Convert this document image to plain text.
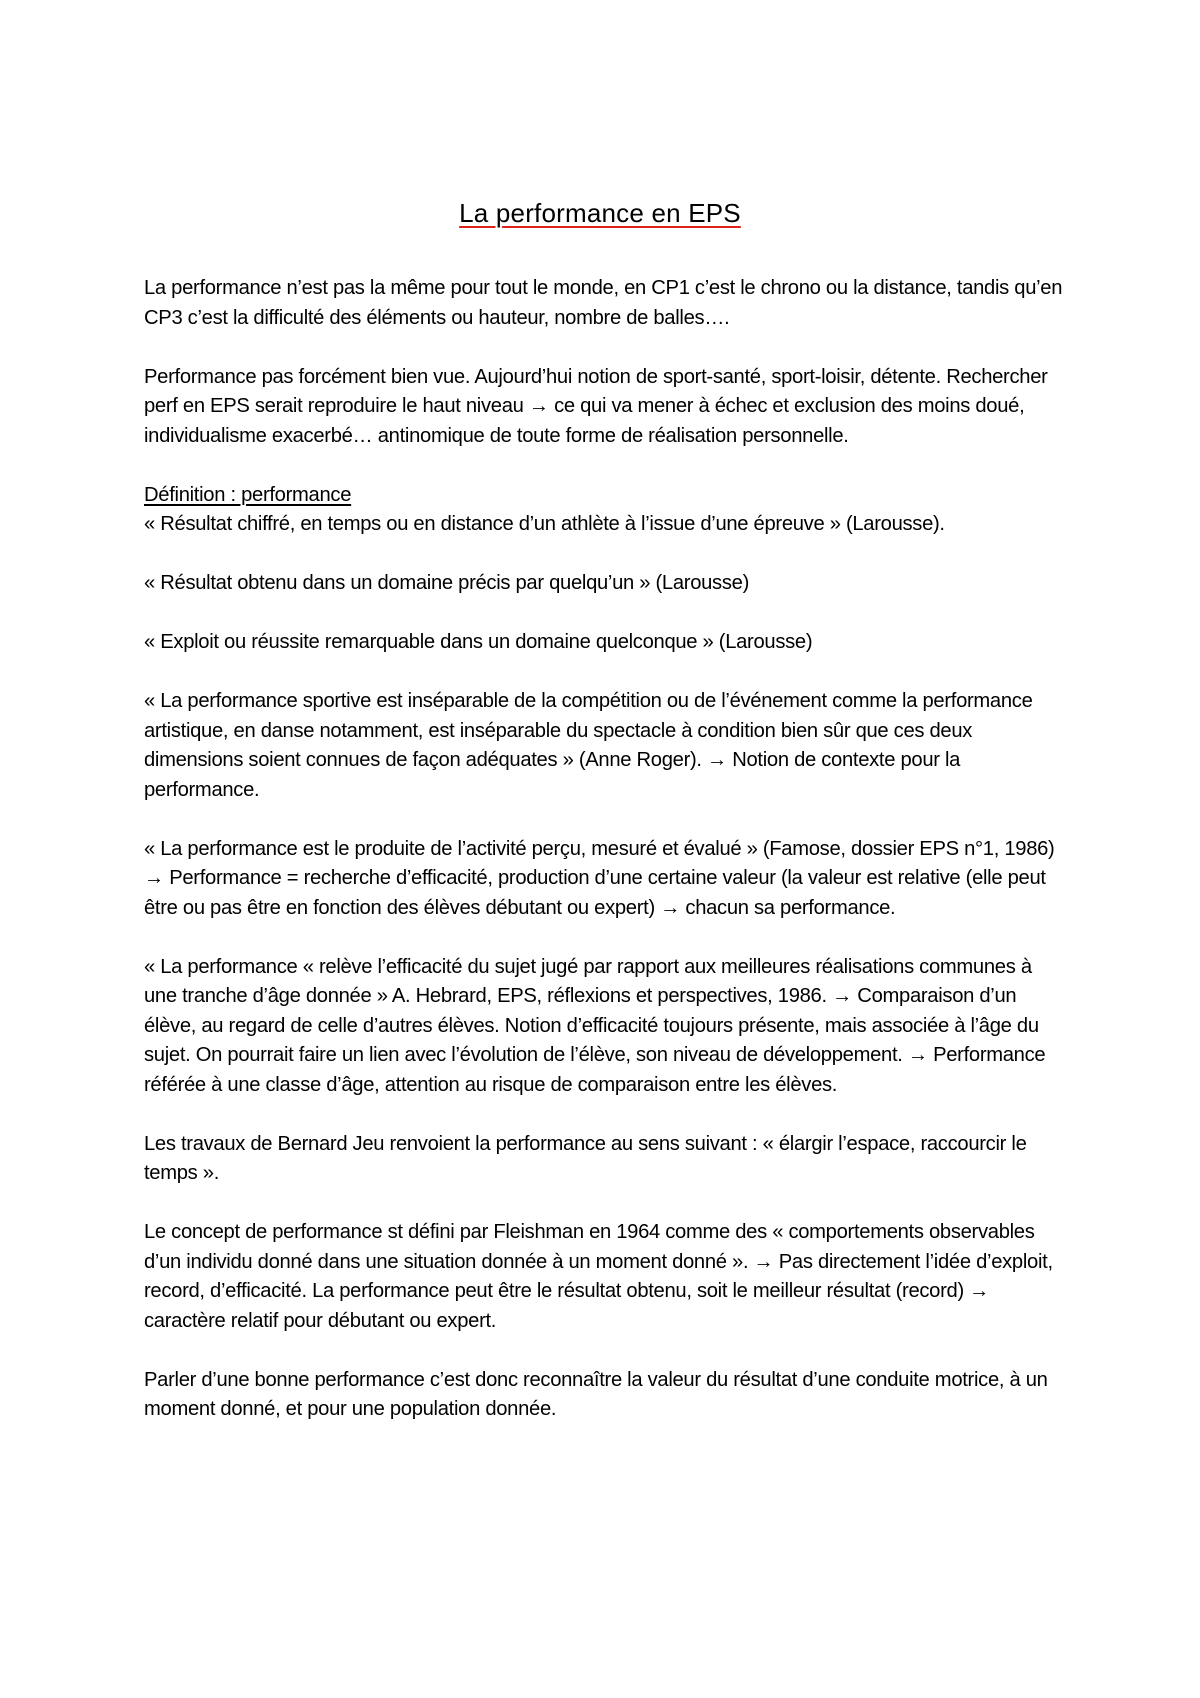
La performance en EPS

La performance n’est pas la même pour tout le monde, en CP1 c’est le chrono ou la distance, tandis qu’en CP3 c’est la difficulté des éléments ou hauteur, nombre de balles….

Performance pas forcément bien vue. Aujourd’hui notion de sport-santé, sport-loisir, détente. Rechercher perf en EPS serait reproduire le haut niveau → ce qui va mener à échec et exclusion des moins doué, individualisme exacerbé… antinomique de toute forme de réalisation personnelle.

Définition : performance

« Résultat chiffré, en temps ou en distance d’un athlète à l’issue d’une épreuve » (Larousse).

« Résultat obtenu dans un domaine précis par quelqu’un » (Larousse)

« Exploit ou réussite remarquable dans un domaine quelconque » (Larousse)

« La performance sportive est inséparable de la compétition ou de l’événement comme la performance artistique, en danse notamment, est inséparable du spectacle à condition bien sûr que ces deux dimensions soient connues de façon adéquates » (Anne Roger). → Notion de contexte pour la performance.

« La performance est le produite de l’activité perçu, mesuré et évalué » (Famose, dossier EPS n°1, 1986) → Performance = recherche d’efficacité, production d’une certaine valeur (la valeur est relative (elle peut être ou pas être en fonction des élèves débutant ou expert) → chacun sa performance.

« La performance « relève l’efficacité du sujet jugé par rapport aux meilleures réalisations communes à une tranche d’âge donnée » A. Hebrard, EPS, réflexions et perspectives, 1986. → Comparaison d’un élève, au regard de celle d’autres élèves. Notion d’efficacité toujours présente, mais associée à l’âge du sujet. On pourrait faire un lien avec l’évolution de l’élève, son niveau de développement. → Performance référée à une classe d’âge, attention au risque de comparaison entre les élèves.

Les travaux de Bernard Jeu renvoient la performance au sens suivant : « élargir l’espace, raccourcir le temps ».

Le concept de performance st défini par Fleishman en 1964 comme des « comportements observables d’un individu donné dans une situation donnée à un moment donné ». → Pas directement l’idée d’exploit, record, d’efficacité. La performance peut être le résultat obtenu, soit le meilleur résultat (record) → caractère relatif pour débutant ou expert.

Parler d’une bonne performance c’est donc reconnaître la valeur du résultat d’une conduite motrice, à un moment donné, et pour une population donnée.
